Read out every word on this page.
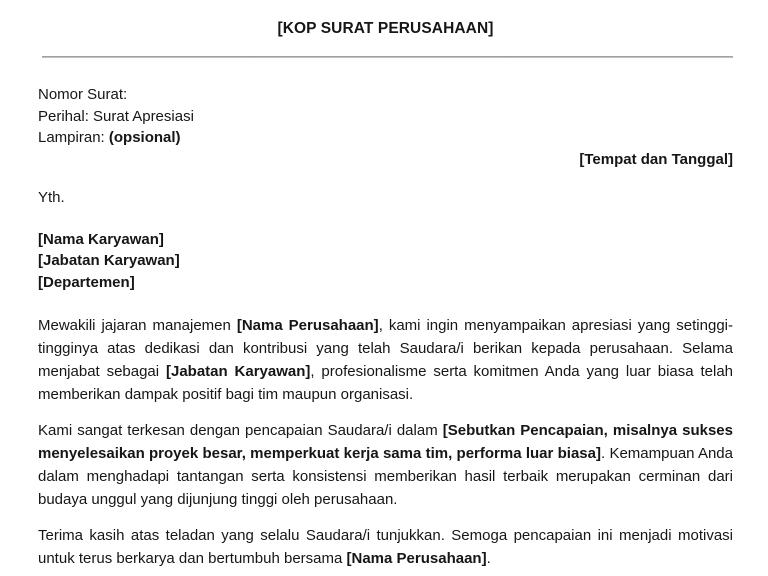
[KOP SURAT PERUSAHAAN]
Nomor Surat:
Perihal: Surat Apresiasi
Lampiran: (opsional)
[Tempat dan Tanggal]
Yth.
[Nama Karyawan]
[Jabatan Karyawan]
[Departemen]

Mewakili jajaran manajemen [Nama Perusahaan], kami ingin menyampaikan apresiasi yang setinggi-tingginya atas dedikasi dan kontribusi yang telah Saudara/i berikan kepada perusahaan. Selama menjabat sebagai [Jabatan Karyawan], profesionalisme serta komitmen Anda yang luar biasa telah memberikan dampak positif bagi tim maupun organisasi.

Kami sangat terkesan dengan pencapaian Saudara/i dalam [Sebutkan Pencapaian, misalnya sukses menyelesaikan proyek besar, memperkuat kerja sama tim, performa luar biasa]. Kemampuan Anda dalam menghadapi tantangan serta konsistensi memberikan hasil terbaik merupakan cerminan dari budaya unggul yang dijunjung tinggi oleh perusahaan.

Terima kasih atas teladan yang selalu Saudara/i tunjukkan. Semoga pencapaian ini menjadi motivasi untuk terus berkarya dan bertumbuh bersama [Nama Perusahaan].
